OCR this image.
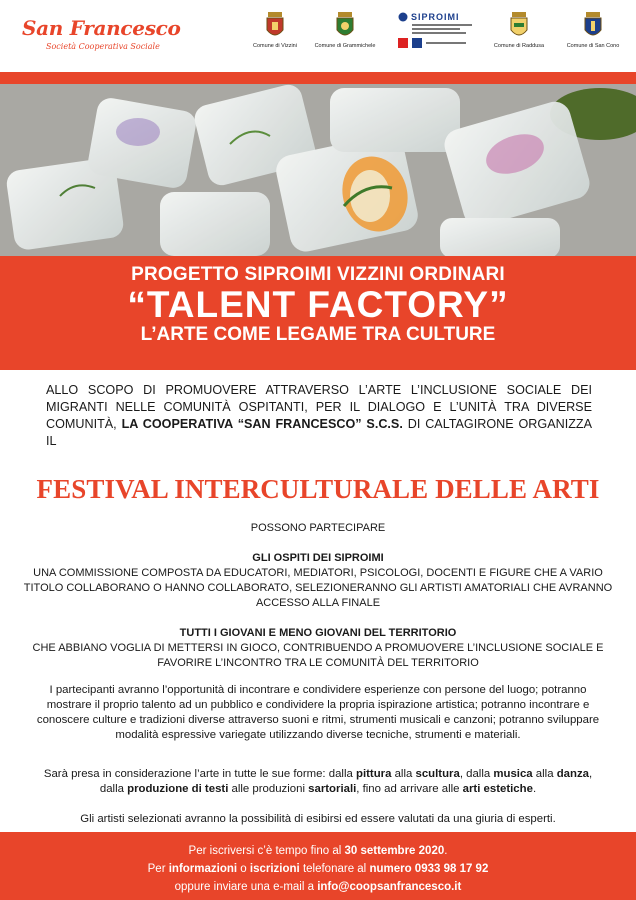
San Francesco
Società Cooperativa Sociale	Comune di Vizzini	Comune di Grammichele
SIPROIMI
Comune di Raddusa	Comune di San Cono
PROGETTO SIPROIMI VIZZINI ORDINARI
“TALENT FACTORY”
L’ARTE COME LEGAME TRA CULTURE
ALLO SCOPO DI PROMUOVERE ATTRAVERSO L’ARTE L’INCLUSIONE SOCIALE DEI MIGRANTI NELLE COMUNITÀ OSPITANTI, PER IL DIALOGO E L’UNITÀ TRA DIVERSE COMUNITÀ, LA COOPERATIVA “SAN FRANCESCO” S.C.S. DI CALTAGIRONE ORGANIZZA IL
FESTIVAL INTERCULTURALE DELLE ARTI
POSSONO PARTECIPARE
GLI OSPITI DEI SIPROIMI
UNA COMMISSIONE COMPOSTA DA EDUCATORI, MEDIATORI, PSICOLOGI, DOCENTI E FIGURE CHE A VARIO TITOLO COLLABORANO O HANNO COLLABORATO, SELEZIONERANNO GLI ARTISTI AMATORIALI CHE AVRANNO ACCESSO ALLA FINALE
TUTTI I GIOVANI E MENO GIOVANI DEL TERRITORIO
CHE ABBIANO VOGLIA DI METTERSI IN GIOCO, CONTRIBUENDO A PROMUOVERE L’INCLUSIONE SOCIALE E FAVORIRE L’INCONTRO TRA LE COMUNITÀ DEL TERRITORIO
I partecipanti avranno l’opportunità di incontrare e condividere esperienze con persone del luogo; potranno mostrare il proprio talento ad un pubblico e condividere la propria ispirazione artistica; potranno incontrare e conoscere culture e tradizioni diverse attraverso suoni e ritmi, strumenti musicali e canzoni; potranno sviluppare modalità espressive variegate utilizzando diverse tecniche, strumenti e materiali.
Sarà presa in considerazione l’arte in tutte le sue forme: dalla pittura alla scultura, dalla musica alla danza, dalla produzione di testi alle produzioni sartoriali, fino ad arrivare alle arti estetiche.
Gli artisti selezionati avranno la possibilità di esibirsi ed essere valutati da una giuria di esperti.
Per iscriversi c’è tempo fino al 30 settembre 2020.
Per informazioni o iscrizioni telefonare al numero 0933 98 17 92
oppure inviare una e-mail a info@coopsanfrancesco.it
